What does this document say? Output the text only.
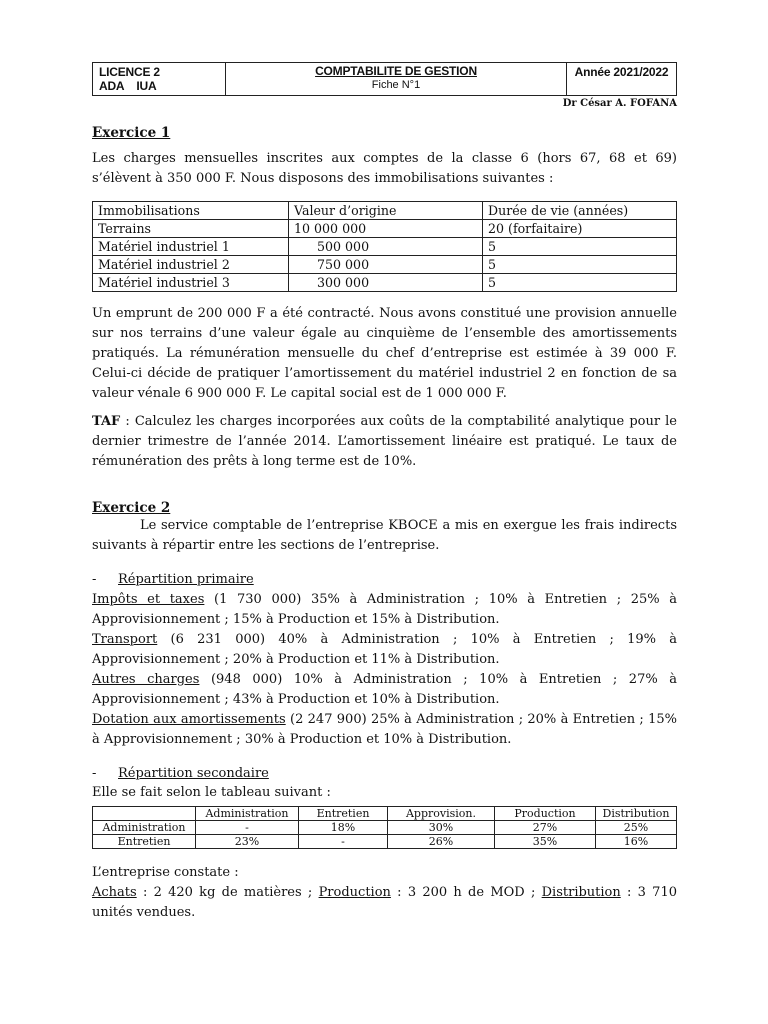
LICENCE 2 ADA IUA
COMPTABILITE DE GESTION
Fiche N°1
Année 2021/2022
Dr César A. FOFANA

Exercice 1

Les charges mensuelles inscrites aux comptes de la classe 6 (hors 67, 68 et 69) s’élèvent à 350 000 F. Nous disposons des immobilisations suivantes :

Immobilisations	Valeur d’origine	Durée de vie (années)
Terrains	10 000 000	20 (forfaitaire)
Matériel industriel 1	500 000	5
Matériel industriel 2	750 000	5
Matériel industriel 3	300 000	5

Un emprunt de 200 000 F a été contracté. Nous avons constitué une provision annuelle sur nos terrains d’une valeur égale au cinquième de l’ensemble des amortissements pratiqués. La rémunération mensuelle du chef d’entreprise est estimée à 39 000 F. Celui-ci décide de pratiquer l’amortissement du matériel industriel 2 en fonction de sa valeur vénale 6 900 000 F. Le capital social est de 1 000 000 F.

TAF : Calculez les charges incorporées aux coûts de la comptabilité analytique pour le dernier trimestre de l’année 2014. L’amortissement linéaire est pratiqué. Le taux de rémunération des prêts à long terme est de 10%.

Exercice 2

Le service comptable de l’entreprise KBOCE a mis en exergue les frais indirects suivants à répartir entre les sections de l’entreprise.

-	Répartition primaire

Impôts et taxes (1 730 000) 35% à Administration ; 10% à Entretien ; 25% à Approvisionnement ; 15% à Production et 15% à Distribution.

Transport (6 231 000) 40% à Administration ; 10% à Entretien ; 19% à Approvisionnement ; 20% à Production et 11% à Distribution.

Autres charges (948 000) 10% à Administration ; 10% à Entretien ; 27% à Approvisionnement ; 43% à Production et 10% à Distribution.

Dotation aux amortissements (2 247 900) 25% à Administration ; 20% à Entretien ; 15% à Approvisionnement ; 30% à Production et 10% à Distribution.

-	Répartition secondaire

Elle se fait selon le tableau suivant :

	Administration	Entretien	Approvision.	Production	Distribution
Administration	-	18%	30%	27%	25%
Entretien	23%	-	26%	35%	16%

L’entreprise constate :

Achats : 2 420 kg de matières ; Production : 3 200 h de MOD ; Distribution : 3 710 unités vendues.
